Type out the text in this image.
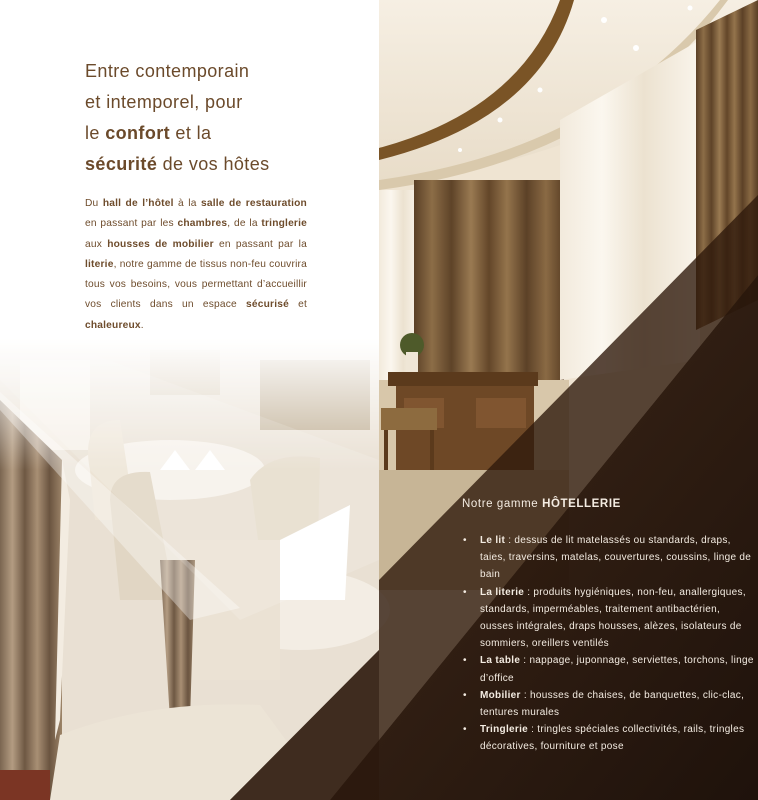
Entre contemporain
et intemporel, pour
le confort et la
sécurité de vos hôtes

Du hall de l’hôtel à la salle de restauration en passant par les chambres, de la tringlerie aux housses de mobilier en passant par la literie, notre gamme de tissus non-feu couvrira tous vos besoins, vous permettant d’accueillir vos clients dans un espace sécurisé et chaleureux.

Notre gamme HÔTELLERIE
• Le lit : dessus de lit matelassés ou standards, draps, taies, traversins, matelas, couvertures, coussins, linge de bain
• La literie : produits hygiéniques, non-feu, anallergiques, standards, imperméables, traitement antibactérien, ousses intégrales, draps housses, alèzes, isolateurs de sommiers, oreillers ventilés
• La table : nappage, juponnage, serviettes, torchons, linge d’office
• Mobilier : housses de chaises, de banquettes, clic-clac, tentures murales
• Tringlerie : tringles spéciales collectivités, rails, tringles décoratives, fourniture et pose
